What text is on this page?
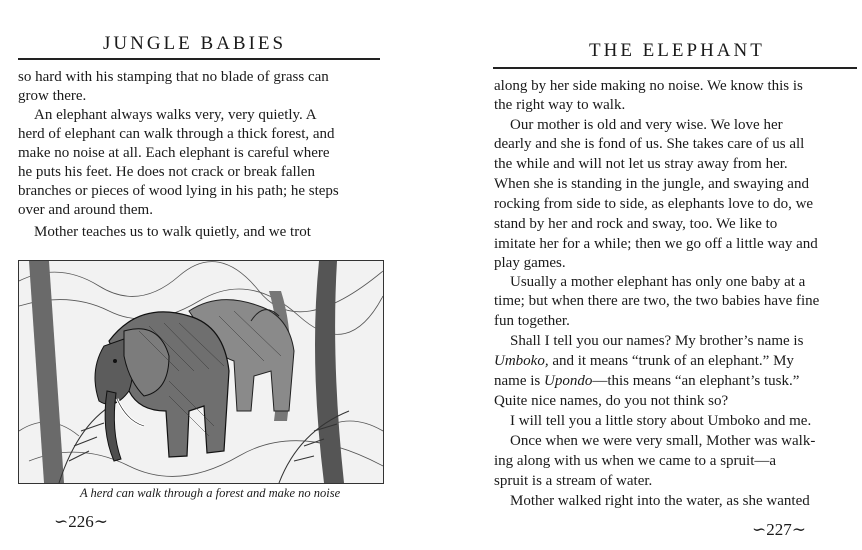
JUNGLE BABIES
so hard with his stamping that no blade of grass can
grow there.
An elephant always walks very, very quietly. A
herd of elephant can walk through a thick forest, and
make no noise at all. Each elephant is careful where
he puts his feet. He does not crack or break fallen
branches or pieces of wood lying in his path; he steps
over and around them.
Mother teaches us to walk quietly, and we trot
A herd can walk through a forest and make no noise
∽226∼
THE ELEPHANT
along by her side making no noise. We know this is
the right way to walk.
Our mother is old and very wise. We love her
dearly and she is fond of us. She takes care of us all
the while and will not let us stray away from her.
When she is standing in the jungle, and swaying and
rocking from side to side, as elephants love to do, we
stand by her and rock and sway, too. We like to
imitate her for a while; then we go off a little way and
play games.
Usually a mother elephant has only one baby at a
time; but when there are two, the two babies have fine
fun together.
Shall I tell you our names? My brother’s name is
Umboko, and it means “trunk of an elephant.” My
name is Upondo—this means “an elephant’s tusk.”
Quite nice names, do you not think so?
I will tell you a little story about Umboko and me.
Once when we were very small, Mother was walk-
ing along with us when we came to a spruit—a
spruit is a stream of water.
Mother walked right into the water, as she wanted
∽227∼
